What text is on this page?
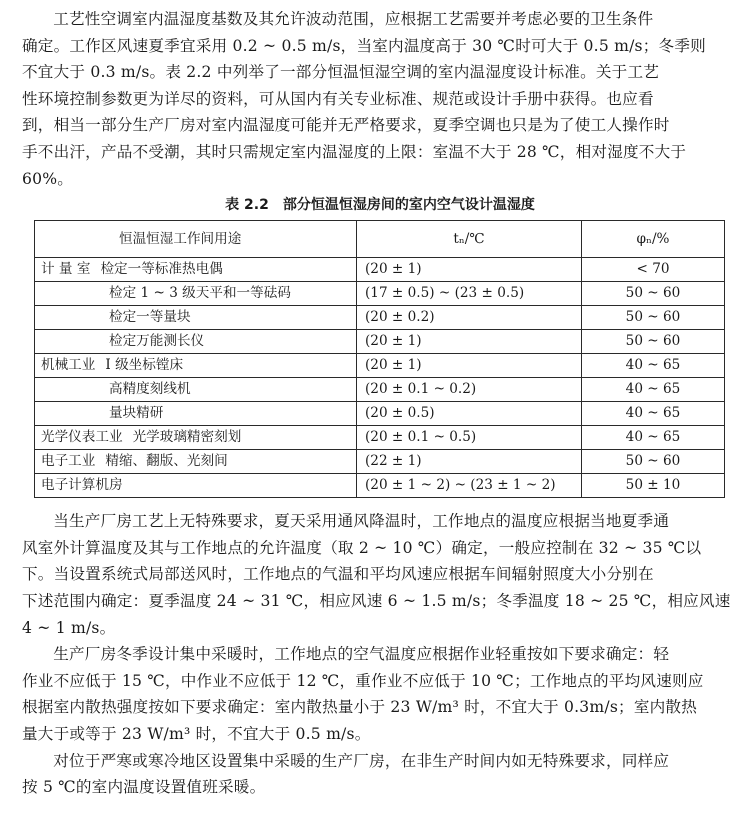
工艺性空调室内温湿度基数及其允许波动范围，应根据工艺需要并考虑必要的卫生条件

确定。工作区风速夏季宜采用 0.2 ~ 0.5 m/s，当室内温度高于 30 ℃时可大于 0.5 m/s；冬季则

不宜大于 0.3 m/s。表 2.2 中列举了一部分恒温恒湿空调的室内温湿度设计标准。关于工艺

性环境控制参数更为详尽的资料，可从国内有关专业标准、规范或设计手册中获得。也应看

到，相当一部分生产厂房对室内温湿度可能并无严格要求，夏季空调也只是为了使工人操作时

手不出汗，产品不受潮，其时只需规定室内温湿度的上限：室温不大于 28 ℃，相对湿度不大于

60%。

表 2.2　部分恒温恒湿房间的室内空气设计温湿度
恒温恒湿工作间用途	tₙ/℃	φₙ/%
计 量 室 检定一等标准热电偶	(20 ± 1)	< 70
检定 1 ~ 3 级天平和一等砝码	(17 ± 0.5) ~ (23 ± 0.5)	50 ~ 60
检定一等量块	(20 ± 0.2)	50 ~ 60
检定万能测长仪	(20 ± 1)	50 ~ 60
机械工业 I 级坐标镗床	(20 ± 1)	40 ~ 65
高精度刻线机	(20 ± 0.1 ~ 0.2)	40 ~ 65
量块精研	(20 ± 0.5)	40 ~ 65
光学仪表工业 光学玻璃精密刻划	(20 ± 0.1 ~ 0.5)	40 ~ 65
电子工业 精缩、翻版、光刻间	(22 ± 1)	50 ~ 60
电子计算机房	(20 ± 1 ~ 2) ~ (23 ± 1 ~ 2)	50 ± 10

当生产厂房工艺上无特殊要求，夏天采用通风降温时，工作地点的温度应根据当地夏季通

风室外计算温度及其与工作地点的允许温度（取 2 ~ 10 ℃）确定，一般应控制在 32 ~ 35 ℃以

下。当设置系统式局部送风时，工作地点的气温和平均风速应根据车间辐射照度大小分别在

下述范围内确定：夏季温度 24 ~ 31 ℃，相应风速 6 ~ 1.5 m/s；冬季温度 18 ~ 25 ℃，相应风速

4 ~ 1 m/s。

生产厂房冬季设计集中采暖时，工作地点的空气温度应根据作业轻重按如下要求确定：轻

作业不应低于 15 ℃，中作业不应低于 12 ℃，重作业不应低于 10 ℃；工作地点的平均风速则应

根据室内散热强度按如下要求确定：室内散热量小于 23 W/m³ 时，不宜大于 0.3m/s；室内散热

量大于或等于 23 W/m³ 时，不宜大于 0.5 m/s。

对位于严寒或寒冷地区设置集中采暖的生产厂房，在非生产时间内如无特殊要求，同样应

按 5 ℃的室内温度设置值班采暖。
